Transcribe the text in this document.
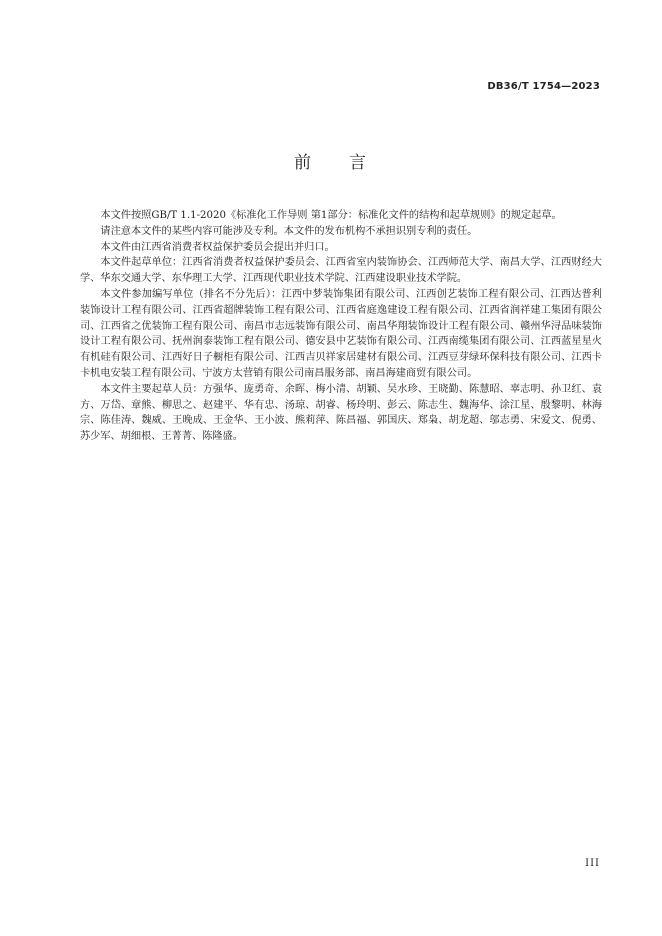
DB36/T 1754—2023
前 言

本文件按照GB/T 1.1-2020《标准化工作导则 第1部分：标准化文件的结构和起草规则》的规定起草。

请注意本文件的某些内容可能涉及专利。本文件的发布机构不承担识别专利的责任。

本文件由江西省消费者权益保护委员会提出并归口。

本文件起草单位：江西省消费者权益保护委员会、江西省室内装饰协会、江西师范大学、南昌大学、江西财经大学、华东交通大学、东华理工大学、江西现代职业技术学院、江西建设职业技术学院。

本文件参加编写单位（排名不分先后）：江西中梦装饰集团有限公司、江西创艺装饰工程有限公司、江西达普利装饰设计工程有限公司、江西省超牌装饰工程有限公司、江西省庭逸建设工程有限公司、江西省润祥建工集团有限公司、江西省之优装饰工程有限公司、南昌市志远装饰有限公司、南昌华翔装饰设计工程有限公司、赣州华浔品味装饰设计工程有限公司、抚州润泰装饰工程有限公司、德安县中艺装饰有限公司、江西南缆集团有限公司、江西蓝星星火有机硅有限公司、江西好日子橱柜有限公司、江西吉贝祥家居建材有限公司、江西豆芽绿环保科技有限公司、江西卡卡机电安装工程有限公司、宁波方太营销有限公司南昌服务部、南昌海建商贸有限公司。

本文件主要起草人员：方强华、庞勇奇、余晖、梅小清、胡颖、吴水珍、王晓勤、陈慧昭、辜志明、孙卫红、袁方、万岱、章熊、柳思之、赵建平、华有忠、汤琼、胡睿、杨玲明、彭云、陈志生、魏海华、涂江星、殷黎明、林海宗、陈佳涛、魏威、王晚成、王金华、王小波、熊莉萍、陈昌福、郭国庆、郑枭、胡龙超、邬志勇、宋爱文、倪勇、苏少军、胡细根、王菁菁、陈隆盛。

III
